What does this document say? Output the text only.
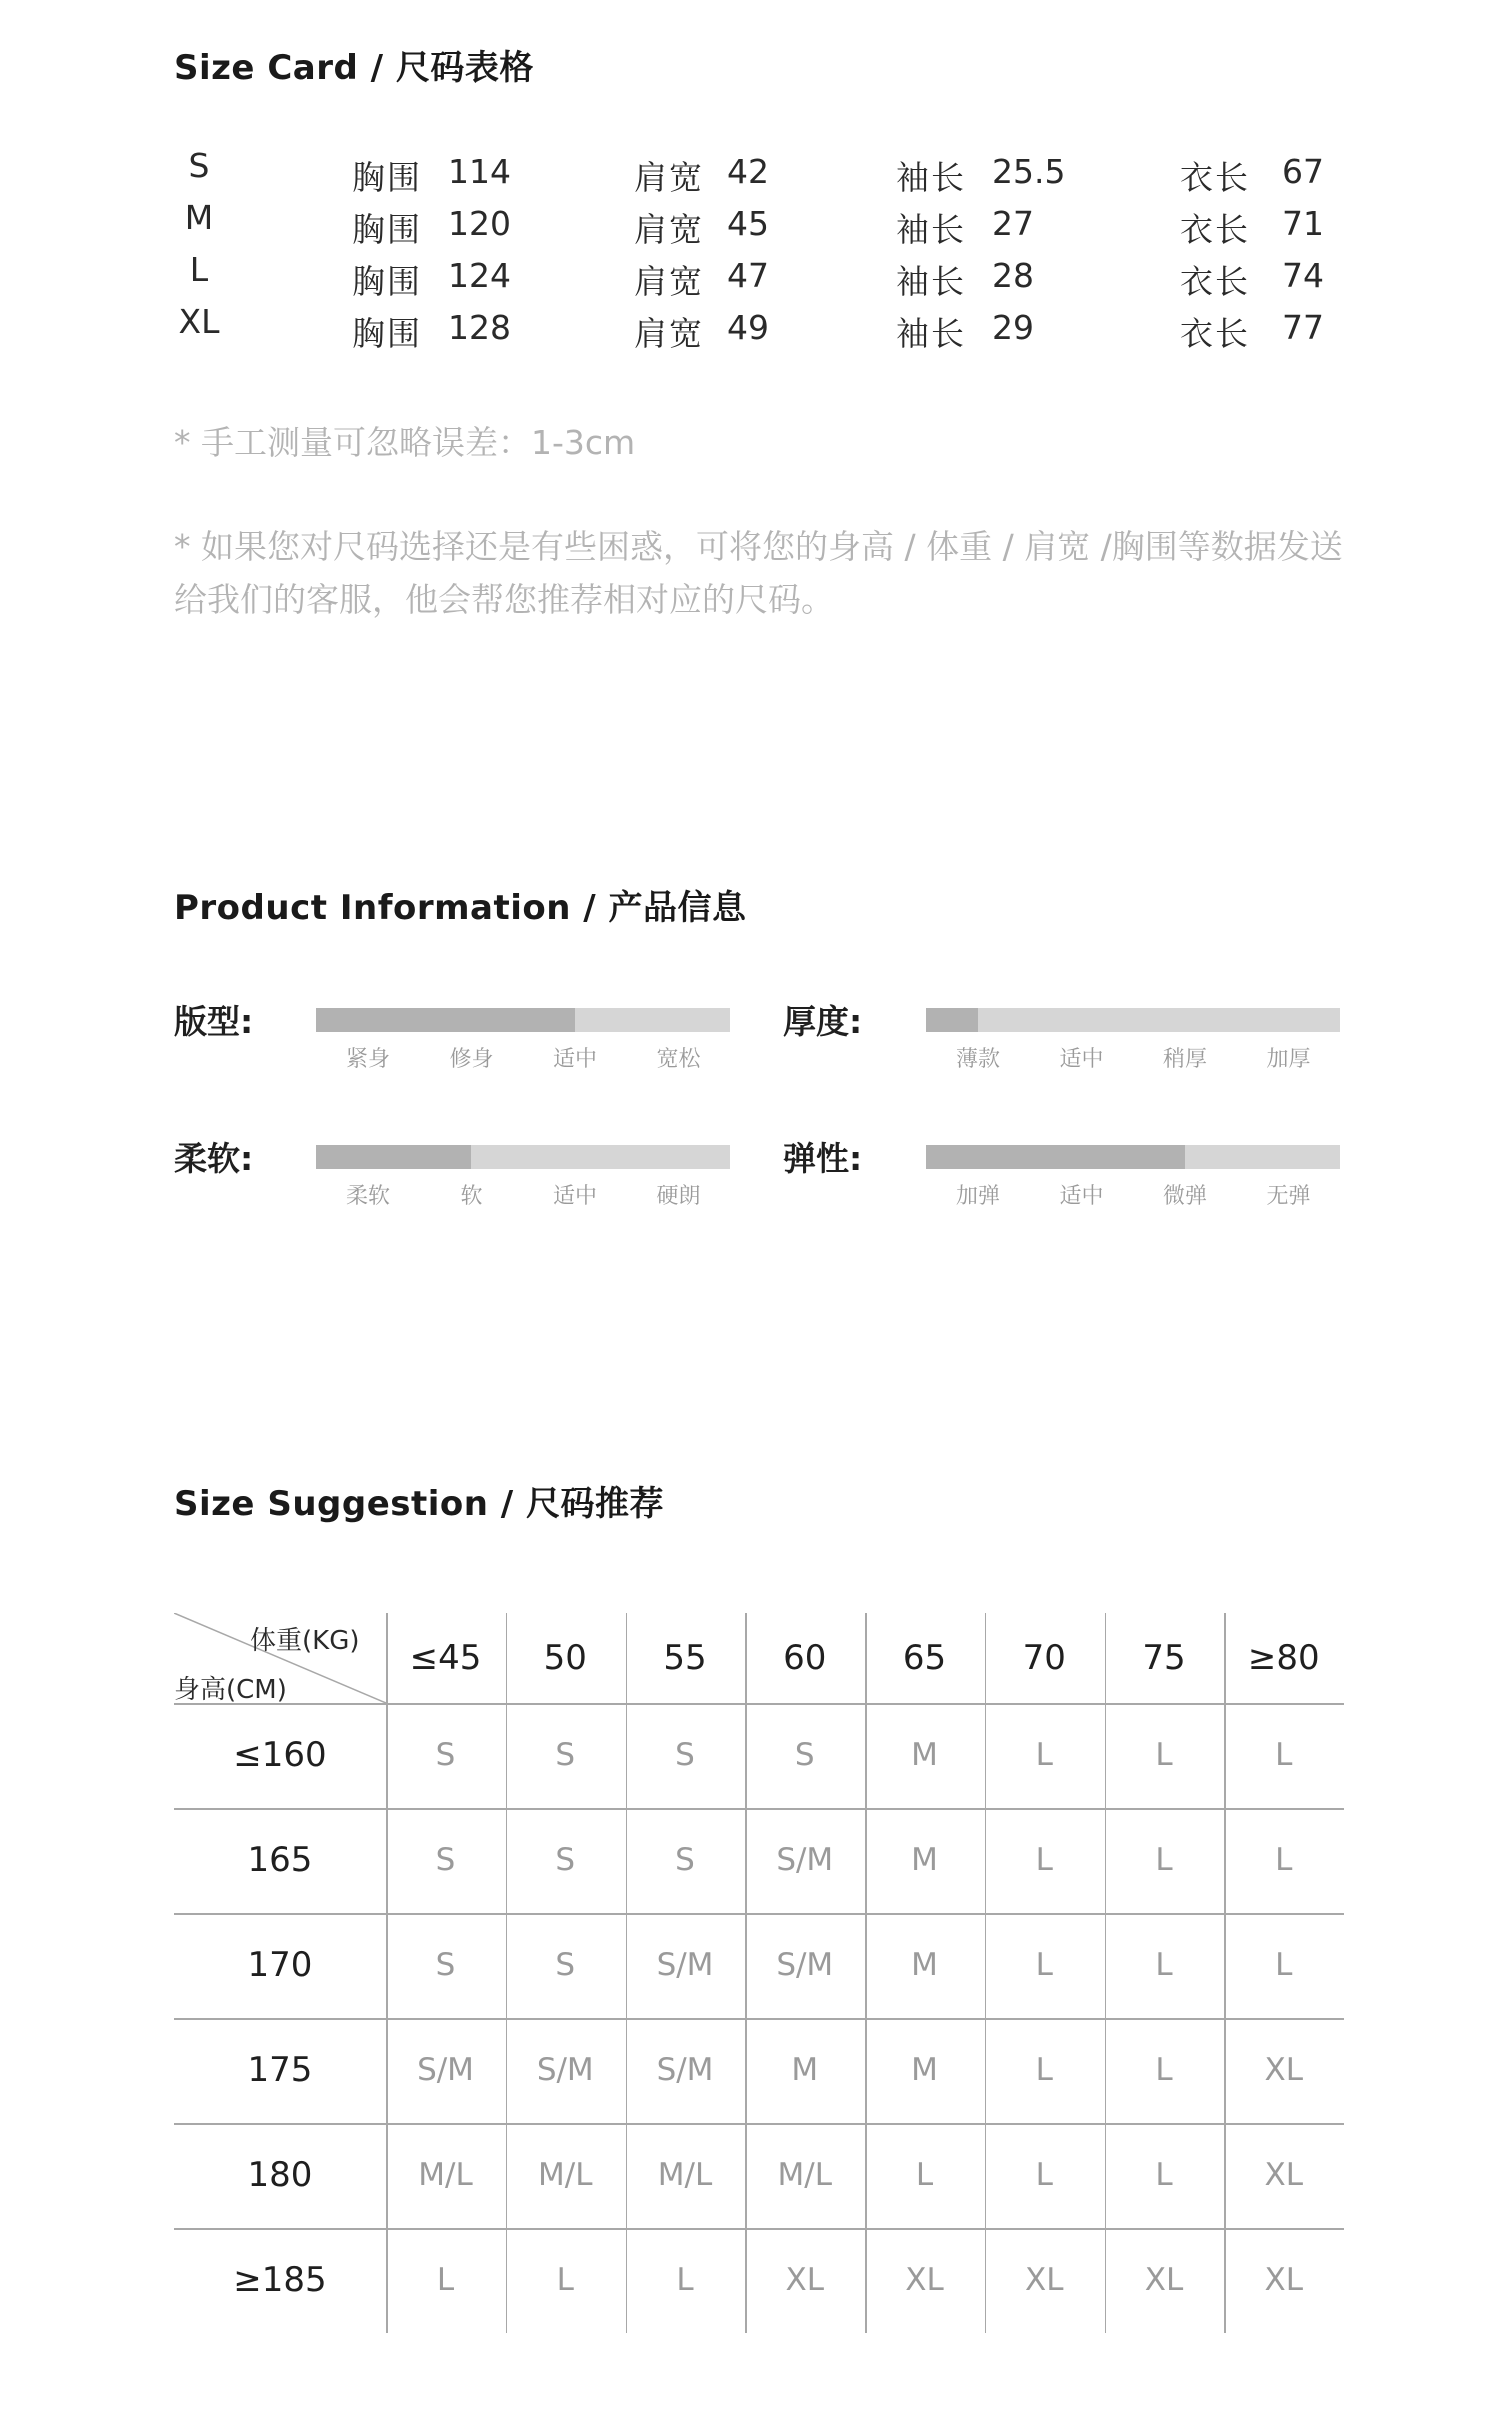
Size Card / 尺码表格
S	胸围 114	肩宽 42	袖长 25.5	衣长 67
M	胸围 120	肩宽 45	袖长 27	衣长 71
L	胸围 124	肩宽 47	袖长 28	衣长 74
XL	胸围 128	肩宽 49	袖长 29	衣长 77
* 手工测量可忽略误差：1-3cm
* 如果您对尺码选择还是有些困惑，可将您的身高 / 体重 / 肩宽 /胸围等数据发送给我们的客服，他会帮您推荐相对应的尺码。
Product Information / 产品信息
版型:
紧身	修身	适中	宽松
厚度:
薄款	适中	稍厚	加厚
柔软:
柔软	软	适中	硬朗
弹性:
加弹	适中	微弹	无弹
Size Suggestion / 尺码推荐
体重(KG)
身高(CM)
≤45	50	55	60	65	70	75	≥80
≤160	S	S	S	S	M	L	L	L
165	S	S	S	S/M	M	L	L	L
170	S	S	S/M	S/M	M	L	L	L
175	S/M	S/M	S/M	M	M	L	L	XL
180	M/L	M/L	M/L	M/L	L	L	L	XL
≥185	L	L	L	XL	XL	XL	XL	XL
